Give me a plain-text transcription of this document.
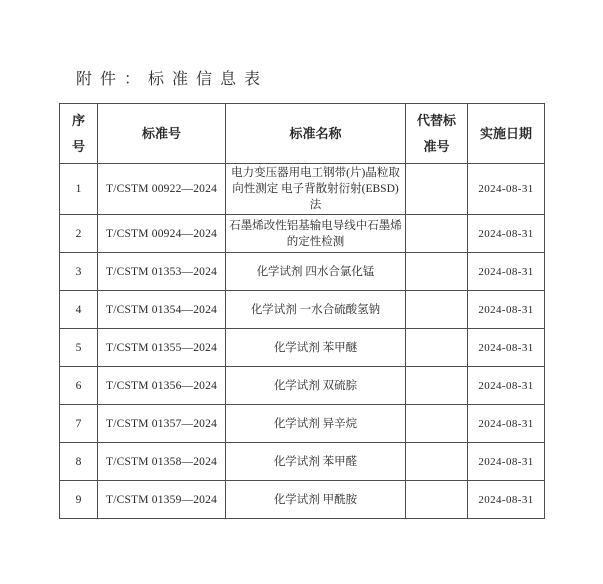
附件：标准信息表
序号	标准号	标准名称	代替标准号	实施日期
1	T/CSTM 00922—2024	电力变压器用电工钢带(片)晶粒取向性测定 电子背散射衍射(EBSD)法		2024-08-31
2	T/CSTM 00924—2024	石墨烯改性铝基输电导线中石墨烯的定性检测		2024-08-31
3	T/CSTM 01353—2024	化学试剂 四水合氯化锰		2024-08-31
4	T/CSTM 01354—2024	化学试剂 一水合硫酸氢钠		2024-08-31
5	T/CSTM 01355—2024	化学试剂 苯甲醚		2024-08-31
6	T/CSTM 01356—2024	化学试剂 双硫腙		2024-08-31
7	T/CSTM 01357—2024	化学试剂 异辛烷		2024-08-31
8	T/CSTM 01358—2024	化学试剂 苯甲醛		2024-08-31
9	T/CSTM 01359—2024	化学试剂 甲酰胺		2024-08-31
